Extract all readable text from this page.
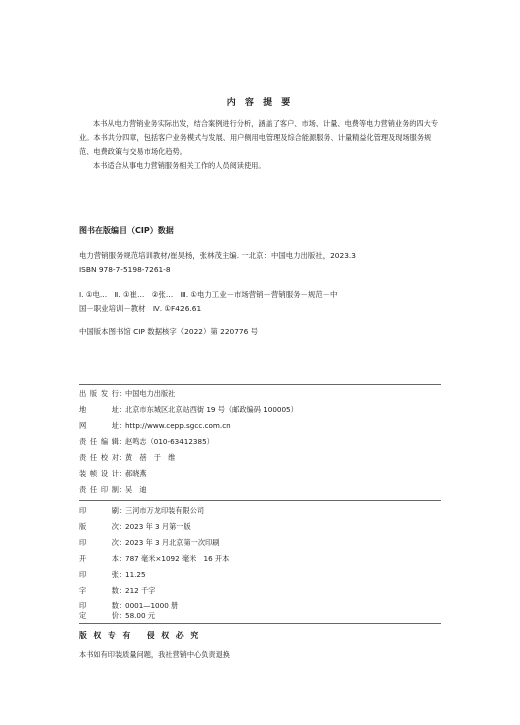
内 容 提 要

本书从电力营销业务实际出发，结合案例进行分析，涵盖了客户、市场、计量、电费等电力营销业务的四大专业。本书共分四章，包括客户业务模式与发展、用户侧用电管理及综合能源服务、计量精益化管理及现场服务规范、电费政策与交易市场化趋势。

本书适合从事电力营销服务相关工作的人员阅读使用。

图书在版编目（CIP）数据
电力营销服务规范培训教材/崔昊杨，张林茂主编. 一北京：中国电力出版社，2023.3
ISBN 978-7-5198-7261-8
Ⅰ. ①电…　Ⅱ. ①崔…　②张…　Ⅲ. ①电力工业－市场营销－营销服务－规范－中
国－职业培训－教材　Ⅳ. ①F426.61
中国版本图书馆 CIP 数据核字（2022）第 220776 号
出版发行：中国电力出版社
地　　址：北京市东城区北京站西街 19 号（邮政编码 100005）
网　　址：http://www.cepp.sgcc.com.cn
责任编辑：赵鸣志（010-63412385）
责任校对：黄　蓓　于　维
装帧设计：郝晓燕
责任印制：吴　迪
印　　刷：三河市万龙印装有限公司
版　　次：2023 年 3 月第一版
印　　次：2023 年 3 月北京第一次印刷
开　　本：787 毫米×1092 毫米　16 开本
印　　张：11.25
字　　数：212 千字
印　　数：0001—1000 册
定　　价：58.00 元
版 权 专 有　 侵 权 必 究
本书如有印装质量问题，我社营销中心负责退换
